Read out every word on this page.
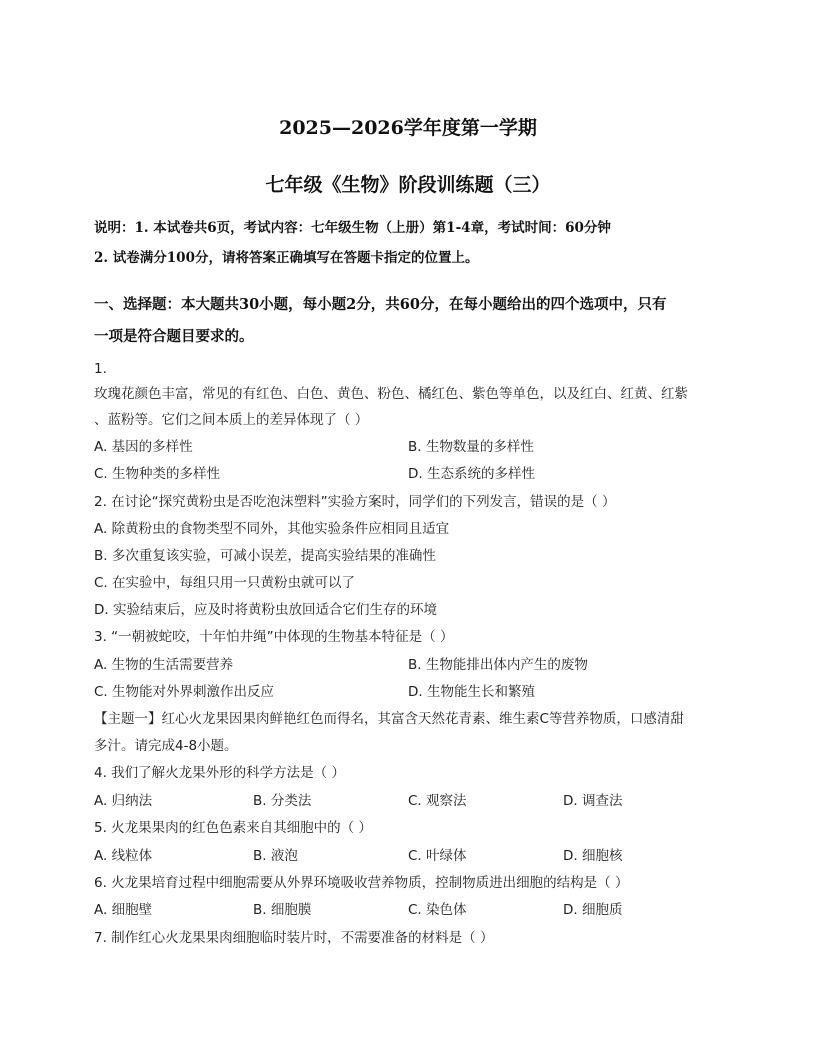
2025—2026学年度第一学期
七年级《生物》阶段训练题（三）
说明：1. 本试卷共6页，考试内容：七年级生物（上册）第1-4章，考试时间：60分钟
2. 试卷满分100分，请将答案正确填写在答题卡指定的位置上。
一、选择题：本大题共30小题，每小题2分，共60分，在每小题给出的四个选项中，只有
一项是符合题目要求的。
1.
玫瑰花颜色丰富，常见的有红色、白色、黄色、粉色、橘红色、紫色等单色，以及红白、红黄、红紫
、蓝粉等。它们之间本质上的差异体现了（ ）
A. 基因的多样性	B. 生物数量的多样性
C. 生物种类的多样性	D. 生态系统的多样性
2. 在讨论“探究黄粉虫是否吃泡沫塑料”实验方案时，同学们的下列发言，错误的是（ ）
A. 除黄粉虫的食物类型不同外，其他实验条件应相同且适宜
B. 多次重复该实验，可减小误差，提高实验结果的准确性
C. 在实验中，每组只用一只黄粉虫就可以了
D. 实验结束后，应及时将黄粉虫放回适合它们生存的环境
3. “一朝被蛇咬，十年怕井绳”中体现的生物基本特征是（ ）
A. 生物的生活需要营养	B. 生物能排出体内产生的废物
C. 生物能对外界刺激作出反应	D. 生物能生长和繁殖
【主题一】红心火龙果因果肉鲜艳红色而得名，其富含天然花青素、维生素C等营养物质，口感清甜
多汁。请完成4-8小题。
4. 我们了解火龙果外形的科学方法是（ ）
A. 归纳法	B. 分类法	C. 观察法	D. 调查法
5. 火龙果果肉的红色色素来自其细胞中的（ ）
A. 线粒体	B. 液泡	C. 叶绿体	D. 细胞核
6. 火龙果培育过程中细胞需要从外界环境吸收营养物质，控制物质进出细胞的结构是（ ）
A. 细胞壁	B. 细胞膜	C. 染色体	D. 细胞质
7. 制作红心火龙果果肉细胞临时装片时，不需要准备的材料是（ ）
